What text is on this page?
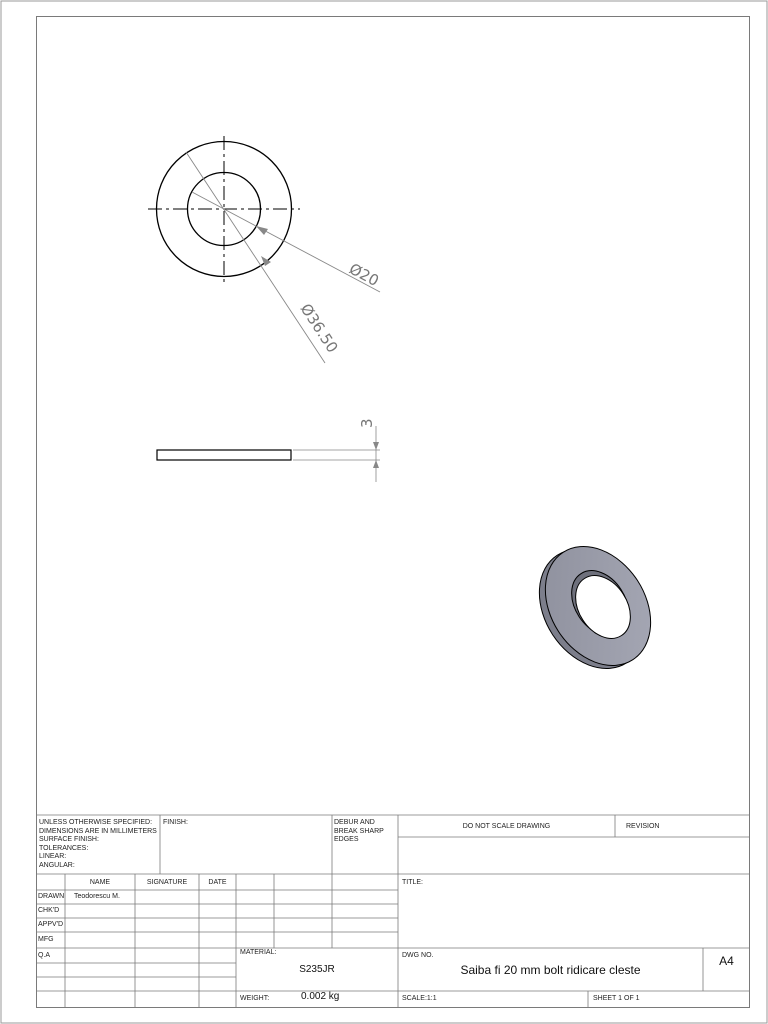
Ø20
Ø36.50
3
UNLESS OTHERWISE SPECIFIED:
DIMENSIONS ARE IN MILLIMETERS
SURFACE FINISH:
TOLERANCES:
LINEAR:
ANGULAR:
FINISH:	DEBUR AND
BREAK SHARP
EDGES
DO NOT SCALE DRAWING	REVISION
NAME	SIGNATURE	DATE
DRAWN Teodorescu M.
CHK'D
APPV'D
MFG
Q.A
TITLE:
MATERIAL:
S235JR
DWG NO.
Saiba fi 20 mm bolt ridicare cleste
A4
WEIGHT:	0.002 kg	SCALE:1:1	SHEET 1 OF 1
